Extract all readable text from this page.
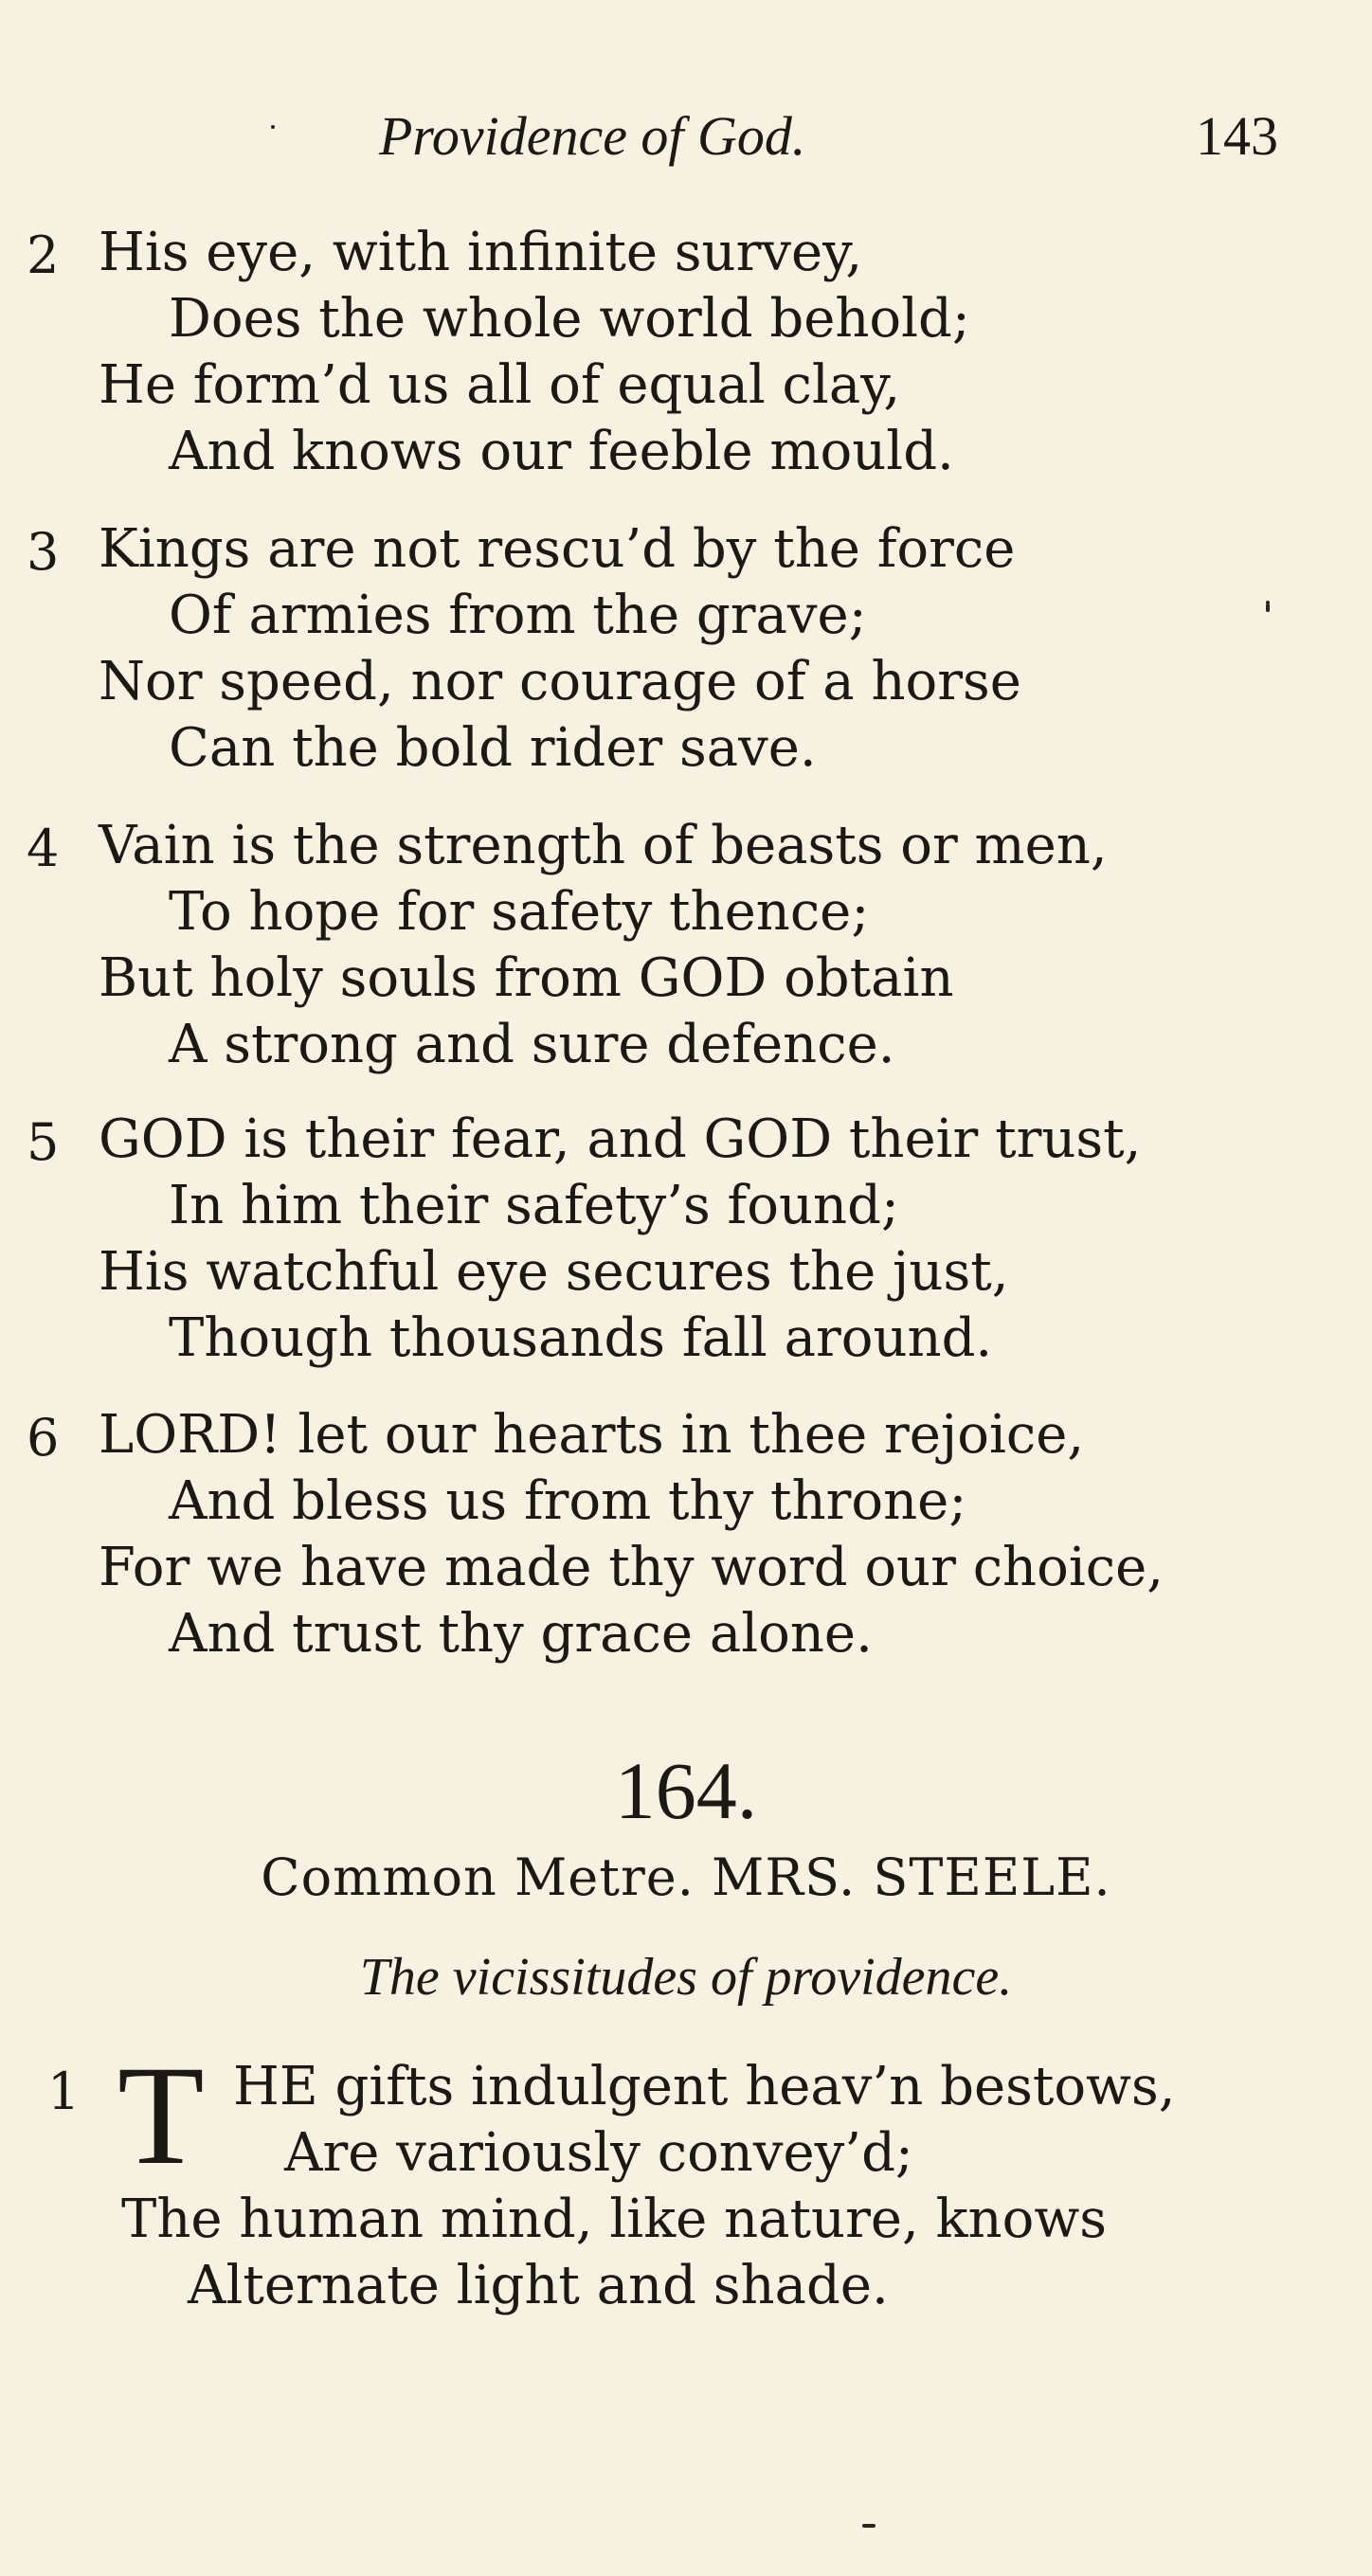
Providence of God.	143
2 His eye, with infinite survey,
Does the whole world behold;
He form’d us all of equal clay,
And knows our feeble mould.
3 Kings are not rescu’d by the force
Of armies from the grave;
Nor speed, nor courage of a horse
Can the bold rider save.
4 Vain is the strength of beasts or men,
To hope for safety thence;
But holy souls from GOD obtain
A strong and sure defence.
5 GOD is their fear, and GOD their trust,
In him their safety’s found;
His watchful eye secures the just,
Though thousands fall around.
6 LORD! let our hearts in thee rejoice,
And bless us from thy throne;
For we have made thy word our choice,
And trust thy grace alone.
164.
Common Metre. MRS. STEELE.
The vicissitudes of providence.
1	HE gifts indulgent heav’n bestows,
Are variously convey’d;
The human mind, like nature, knows
Alternate light and shade.
T
